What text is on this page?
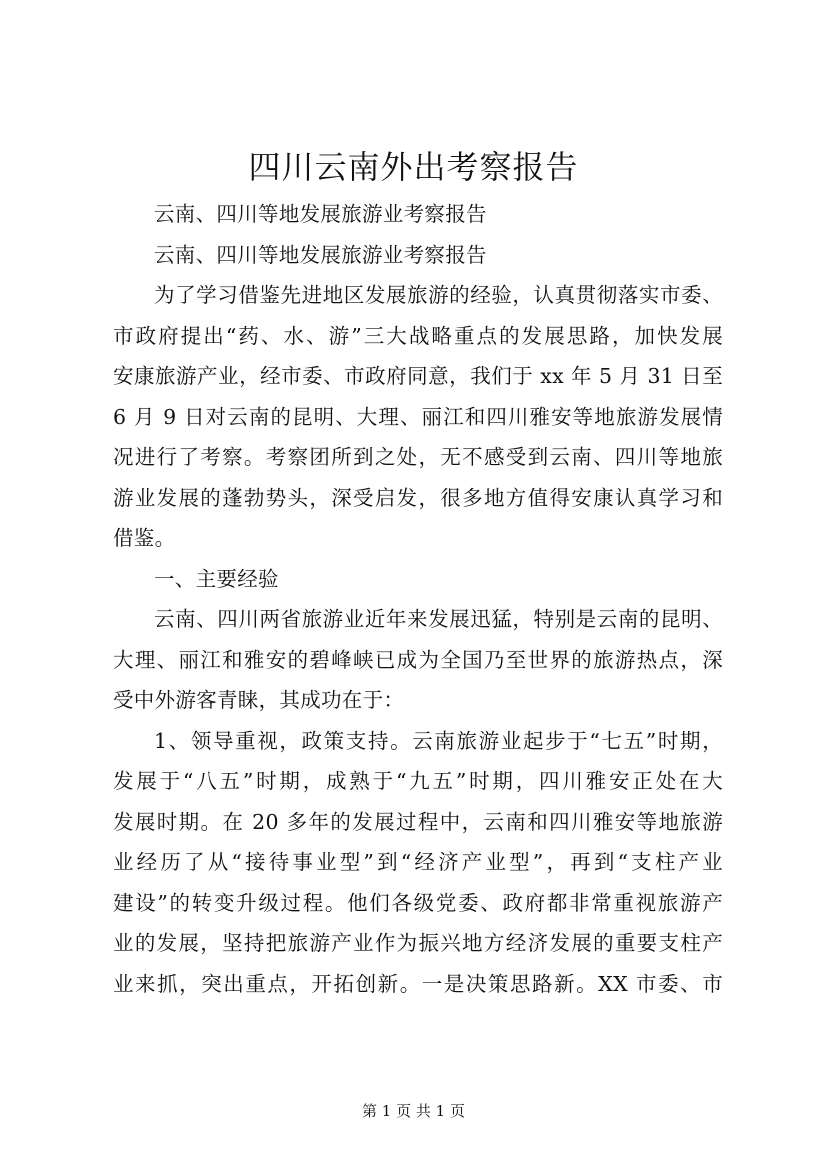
四川云南外出考察报告
云南、四川等地发展旅游业考察报告
云南、四川等地发展旅游业考察报告
为了学习借鉴先进地区发展旅游的经验，认真贯彻落实市委、
市政府提出“药、水、游”三大战略重点的发展思路，加快发展
安康旅游产业，经市委、市政府同意，我们于 xx 年 5 月 31 日至
6 月 9 日对云南的昆明、大理、丽江和四川雅安等地旅游发展情
况进行了考察。考察团所到之处，无不感受到云南、四川等地旅
游业发展的蓬勃势头，深受启发，很多地方值得安康认真学习和
借鉴。
一、主要经验
云南、四川两省旅游业近年来发展迅猛，特别是云南的昆明、
大理、丽江和雅安的碧峰峡已成为全国乃至世界的旅游热点，深
受中外游客青睐，其成功在于：
1、领导重视，政策支持。云南旅游业起步于“七五”时期，
发展于“八五”时期，成熟于“九五”时期，四川雅安正处在大
发展时期。在 20 多年的发展过程中，云南和四川雅安等地旅游
业经历了从“接待事业型”到“经济产业型”，再到“支柱产业
建设”的转变升级过程。他们各级党委、政府都非常重视旅游产
业的发展，坚持把旅游产业作为振兴地方经济发展的重要支柱产
业来抓，突出重点，开拓创新。一是决策思路新。XX 市委、市
第 1 页 共 1 页
